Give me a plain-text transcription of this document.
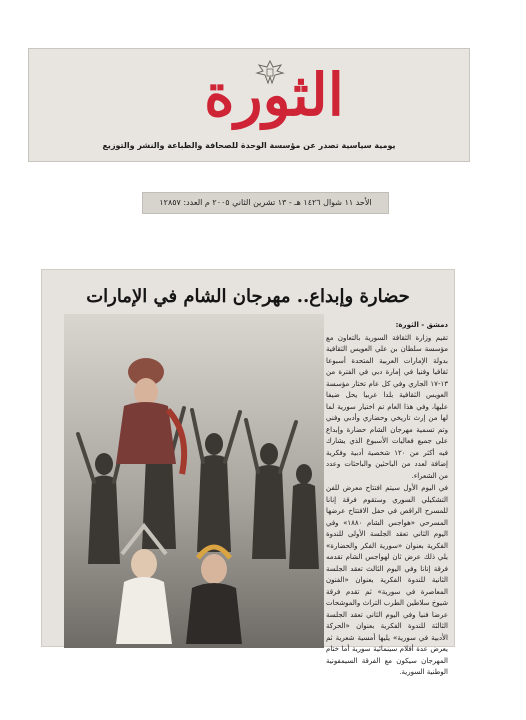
الثورة
يومية سياسية تصدر عن مؤسسة الوحدة للصحافة والطباعة والنشر والتوزيع
الأحد ١١ شوال ١٤٢٦ هـ - ١٣ تشرين الثاني ٢٠٠٥ م العدد: ١٢٨٥٧
حضارة وإبداع.. مهرجان الشام في الإمارات

دمشق - الثورة:

تقيم وزارة الثقافة السورية بالتعاون مع مؤسسة سلطان بن علي العويس الثقافية بدولة الإمارات العربية المتحدة أسبوعا ثقافيا وفنيا في إمارة دبي في الفترة من ١٣-١٧ الجاري وفي كل عام تختار مؤسسة العويس الثقافية بلدا عربيا يحل ضيفا عليها، وفي هذا العام تم اختيار سورية لما لها من إرث تاريخي وحضاري وأدبي وفني وتم تسمية مهرجان الشام حضارة وإبداع على جميع فعاليات الأسبوع الذي يشارك فيه أكثر من ١٢٠ شخصية أدبية وفكرية إضافة لعدد من الباحثين والباحثات وعدد من الشعراء.

في اليوم الأول سيتم افتتاح معرض للفن التشكيلي السوري وستقوم فرقة إنانا للمسرح الراقص في حفل الافتتاح عرضها المسرحي «هواجس الشام ١٨٨٠» وفي اليوم الثاني تعقد الجلسة الأولى للندوة الفكرية بعنوان «سورية الفكر والحضارة» يلي ذلك عرض ثان لهواجس الشام تقدمه فرقة إنانا وفي اليوم الثالث تعقد الجلسة الثانية للندوة الفكرية بعنوان «الفنون المعاصرة في سورية» ثم تقدم فرقة شيوخ سلاطين الطرب التراث والموشحات عرضا فنيا وفي اليوم الثاني تعقد الجلسة الثالثة للندوة الفكرية بعنوان «الحركة الأدبية في سورية» يليها أمسية شعرية ثم يعرض عدة أفلام سينمائية سورية أما ختام المهرجان سيكون مع الفرقة السيمفونية الوطنية السورية.
